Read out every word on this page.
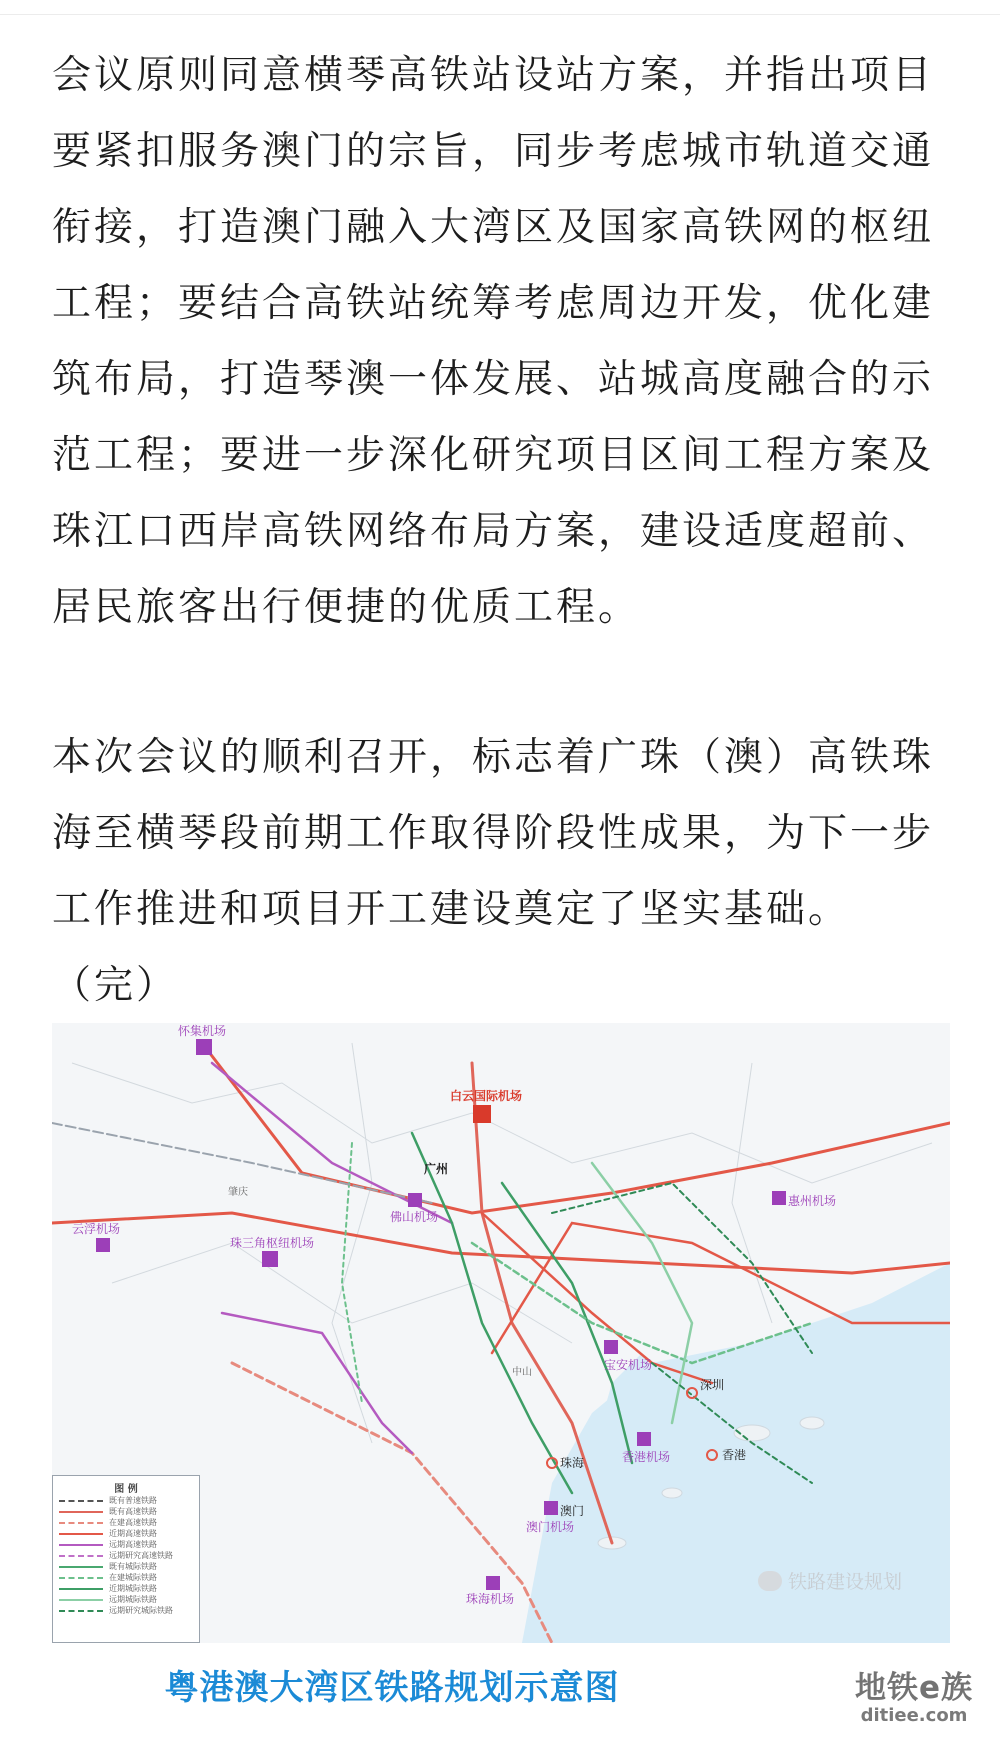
会议原则同意横琴高铁站设站方案，并指出项目

要紧扣服务澳门的宗旨，同步考虑城市轨道交通

衔接，打造澳门融入大湾区及国家高铁网的枢纽

工程；要结合高铁站统筹考虑周边开发，优化建

筑布局，打造琴澳一体发展、站城高度融合的示

范工程；要进一步深化研究项目区间工程方案及

珠江口西岸高铁网络布局方案，建设适度超前、

居民旅客出行便捷的优质工程。

本次会议的顺利召开，标志着广珠（澳）高铁珠

海至横琴段前期工作取得阶段性成果，为下一步

工作推进和项目开工建设奠定了坚实基础。

（完）

怀集机场
白云国际机场
广州
佛山机场
云浮机场
珠三角枢纽机场
惠州机场
宝安机场
深圳
香港机场	香港
珠海
澳门
澳门机场
珠海机场
肇庆
中山
图 例
既有普速铁路
既有高速铁路
在建高速铁路
近期高速铁路
远期高速铁路
远期研究高速铁路
既有城际铁路
在建城际铁路
近期城际铁路
远期城际铁路
远期研究城际铁路
铁路建设规划
粤港澳大湾区铁路规划示意图	地铁e族
ditiee.com
